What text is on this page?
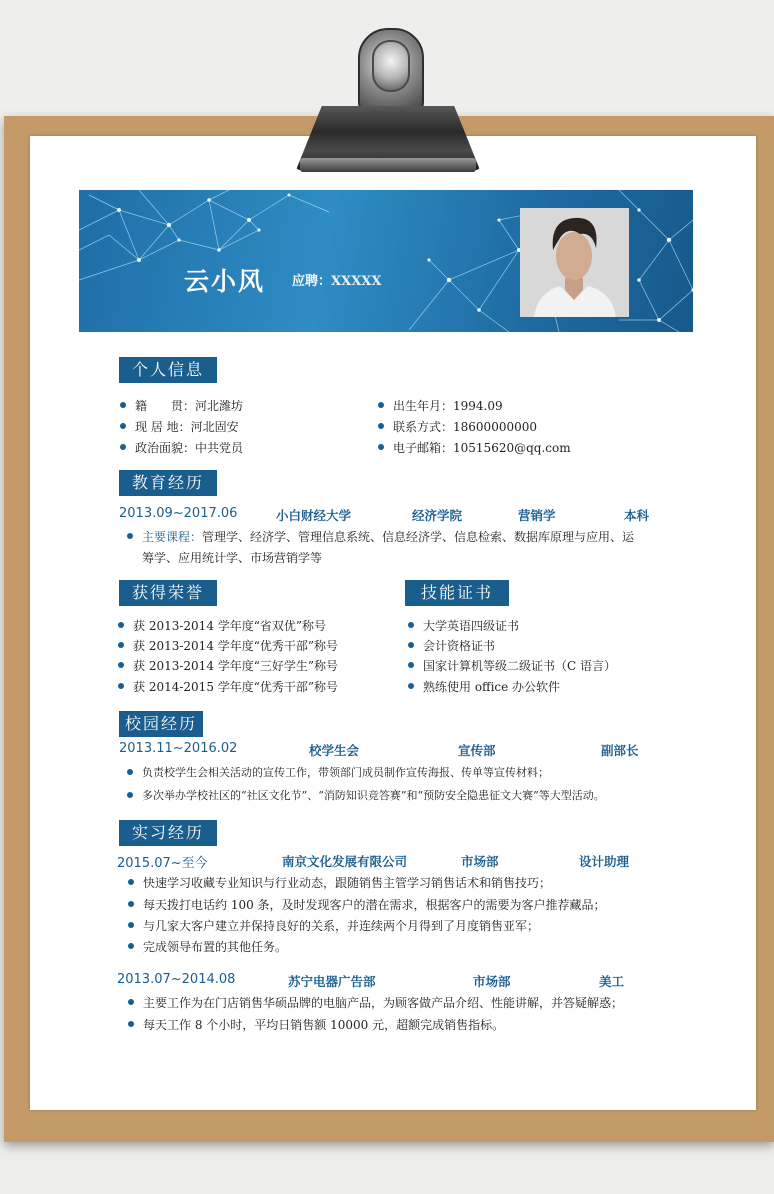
云小风 应聘：XXXXX
个人信息
籍　　贯：河北潍坊
现 居 地：河北固安
政治面貌：中共党员
出生年月：1994.09
联系方式：18600000000
电子邮箱：10515620@qq.com
教育经历
2013.09~2017.06	小白财经大学	经济学院	营销学	本科
主要课程：管理学、经济学、管理信息系统、信息经济学、信息检索、数据库原理与应用、运
筹学、应用统计学、市场营销学等
获得荣誉
获 2013-2014 学年度“省双优”称号
获 2013-2014 学年度“优秀干部”称号
获 2013-2014 学年度“三好学生”称号
获 2014-2015 学年度“优秀干部”称号
技能证书
大学英语四级证书
会计资格证书
国家计算机等级二级证书（C 语言）
熟练使用 office 办公软件
校园经历
2013.11~2016.02	校学生会	宣传部	副部长
负责校学生会相关活动的宣传工作，带领部门成员制作宣传海报、传单等宣传材料；
多次举办学校社区的“社区文化节”、“消防知识竞答赛”和“预防安全隐患征文大赛”等大型活动。
实习经历
2015.07~至今	南京文化发展有限公司	市场部	设计助理
快速学习收藏专业知识与行业动态，跟随销售主管学习销售话术和销售技巧；
每天拨打电话约 100 条，及时发现客户的潜在需求，根据客户的需要为客户推荐藏品；
与几家大客户建立并保持良好的关系，并连续两个月得到了月度销售亚军；
完成领导布置的其他任务。
2013.07~2014.08	苏宁电器广告部	市场部	美工
主要工作为在门店销售华硕品牌的电脑产品，为顾客做产品介绍、性能讲解，并答疑解惑；
每天工作 8 个小时，平均日销售额 10000 元，超额完成销售指标。
